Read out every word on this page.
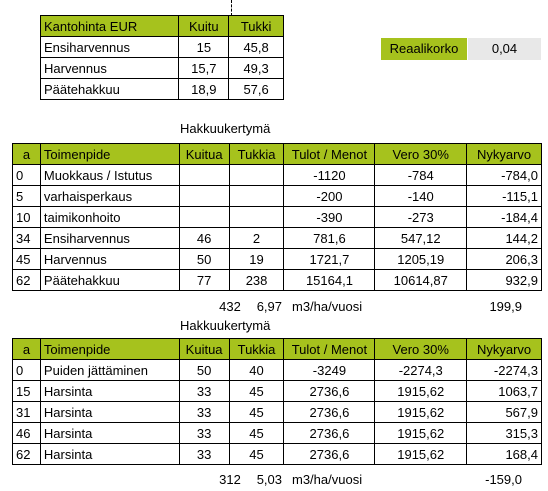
Kantohinta EUR	Kuitu	Tukki
Ensiharvennus	15	45,8
Harvennus	15,7	49,3
Päätehakkuu	18,9	57,6
Reaalikorko	0,04
Hakkuukertymä
a	Toimenpide	Kuitua	Tukkia	Tulot / Menot	Vero 30%	Nykyarvo
0	Muokkaus / Istutus			-1120	-784	-784,0
5	varhaisperkaus			-200	-140	-115,1
10	taimikonhoito			-390	-273	-184,4
34	Ensiharvennus	46	2	781,6	547,12	144,2
45	Harvennus	50	19	1721,7	1205,19	206,3
62	Päätehakkuu	77	238	15164,1	10614,87	932,9
432	6,97 m3/ha/vuosi	199,9
Hakkuukertymä
a	Toimenpide	Kuitua	Tukkia	Tulot / Menot	Vero 30%	Nykyarvo
0	Puiden jättäminen	50	40	-3249	-2274,3	-2274,3
15	Harsinta	33	45	2736,6	1915,62	1063,7
31	Harsinta	33	45	2736,6	1915,62	567,9
46	Harsinta	33	45	2736,6	1915,62	315,3
62	Harsinta	33	45	2736,6	1915,62	168,4
312	5,03 m3/ha/vuosi	-159,0
